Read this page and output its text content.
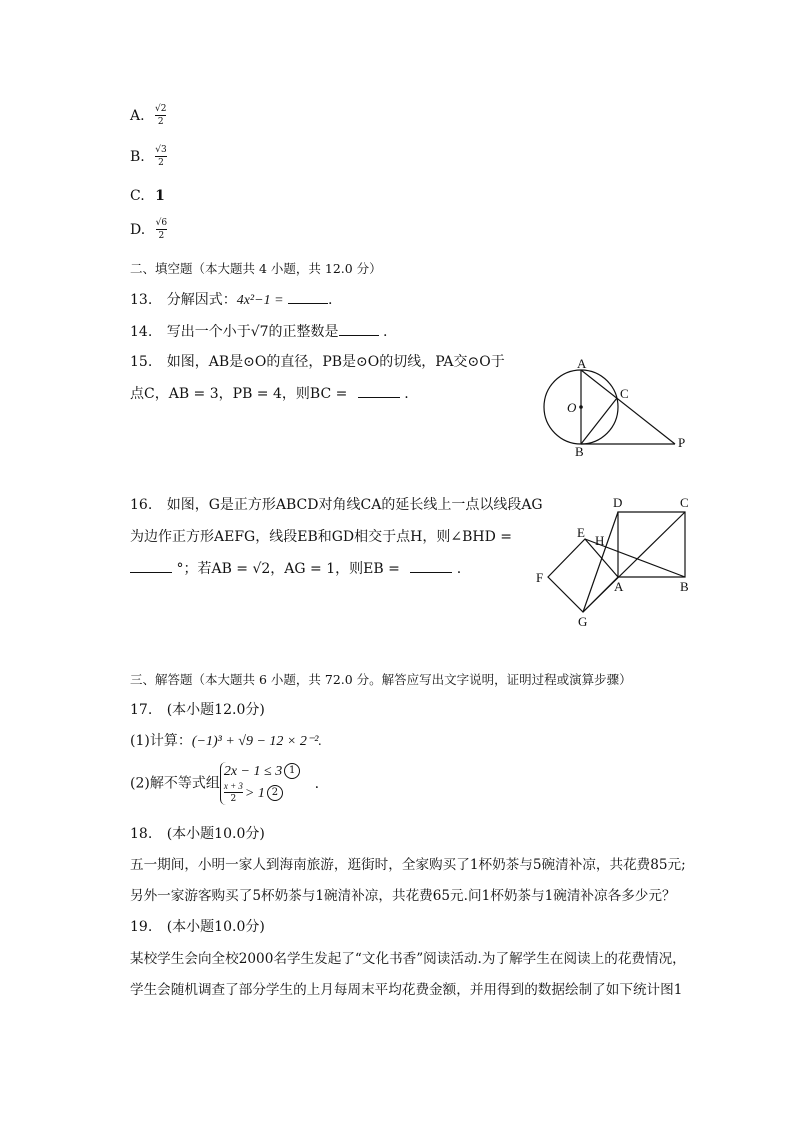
A. $\frac{√2}{2}$
B. $\frac{√3}{2}$
C. 1
D. $\frac{√6}{2}$
二、填空题（本大题共 4 小题，共 12.0 分）
13. 分解因式：4x²−1 =	.
14. 写出一个小于√7的正整数是	.
15. 如图，AB是⊙O的直径，PB是⊙O的切线，PA交⊙O于
点C，AB = 3，PB = 4，则BC =	.
A
O
C
B
P
16. 如图，G是正方形ABCD对角线CA的延长线上一点以线段AG
为边作正方形AEFG，线段EB和GD相交于点H，则∠BHD =
°；若AB = √2，AG = 1，则EB =	.
D	C
E
H
F
A	B
G
三、解答题（本大题共 6 小题，共 72.0 分。解答应写出文字说明，证明过程或演算步骤）
17. (本小题12.0分)
(1)计算：(−1)³ + √9 − 12 × 2⁻².
(2)解不等式组
2x − 1 ≤ 3 1
$\frac{x + 3}{2} > 1$ 2
.
18. (本小题10.0分)
五一期间，小明一家人到海南旅游，逛街时，全家购买了1杯奶茶与5碗清补凉，共花费85元;
另外一家游客购买了5杯奶茶与1碗清补凉，共花费65元.问1杯奶茶与1碗清补凉各多少元？
19. (本小题10.0分)
某校学生会向全校2000名学生发起了“文化书香”阅读活动.为了解学生在阅读上的花费情况，
学生会随机调查了部分学生的上月每周末平均花费金额，并用得到的数据绘制了如下统计图1
